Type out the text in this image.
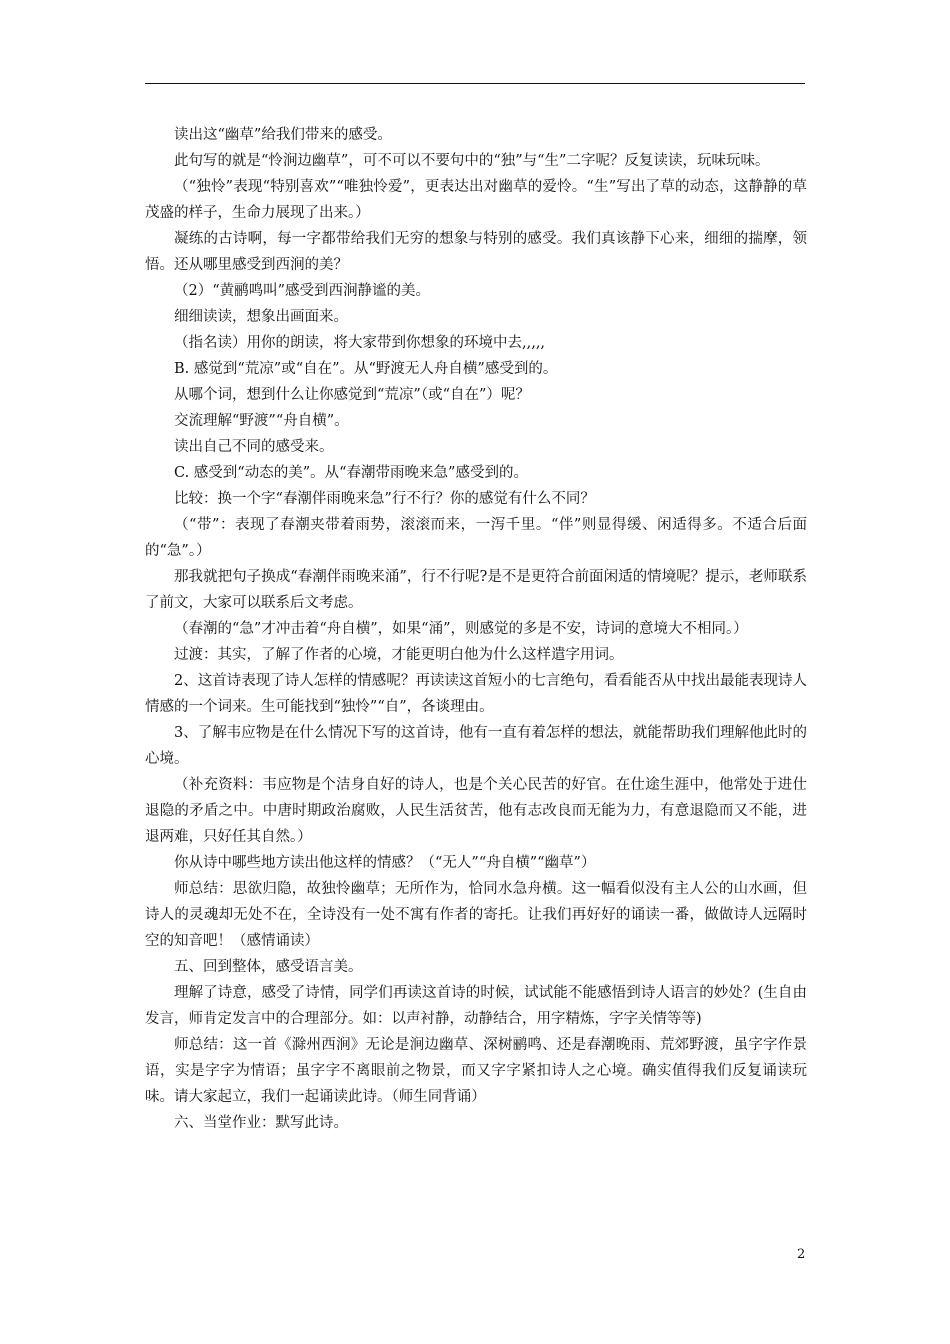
读出这“幽草”给我们带来的感受。

此句写的就是“怜涧边幽草”，可不可以不要句中的“独”与“生”二字呢？反复读读，玩味玩味。

（“独怜”表现“特别喜欢”“唯独怜爱”，更表达出对幽草的爱怜。“生”写出了草的动态，这静静的草茂盛的样子，生命力展现了出来。）

凝练的古诗啊，每一字都带给我们无穷的想象与特别的感受。我们真该静下心来，细细的揣摩，领悟。还从哪里感受到西涧的美？

（2）“黄鹂鸣叫”感受到西涧静谧的美。

细细读读，想象出画面来。

（指名读）用你的朗读，将大家带到你想象的环境中去,,,,,

B. 感觉到“荒凉”或“自在”。从“野渡无人舟自横”感受到的。

从哪个词，想到什么让你感觉到“荒凉”（或“自在”）呢？

交流理解“野渡”“舟自横”。

读出自己不同的感受来。

C. 感受到“动态的美”。从“春潮带雨晚来急”感受到的。

比较：换一个字“春潮伴雨晚来急”行不行？你的感觉有什么不同？

（“带”：表现了春潮夹带着雨势，滚滚而来，一泻千里。“伴”则显得缓、闲适得多。不适合后面的“急”。）

那我就把句子换成“春潮伴雨晚来涌”，行不行呢?是不是更符合前面闲适的情境呢？提示，老师联系了前文，大家可以联系后文考虑。

（春潮的“急”才冲击着“舟自横”，如果“涌”，则感觉的多是不安，诗词的意境大不相同。）

过渡：其实，了解了作者的心境，才能更明白他为什么这样遣字用词。

2、这首诗表现了诗人怎样的情感呢？再读读这首短小的七言绝句，看看能否从中找出最能表现诗人情感的一个词来。生可能找到“独怜”“自”，各谈理由。

3、了解韦应物是在什么情况下写的这首诗，他有一直有着怎样的想法，就能帮助我们理解他此时的心境。

（补充资料：韦应物是个洁身自好的诗人，也是个关心民苦的好官。在仕途生涯中，他常处于进仕退隐的矛盾之中。中唐时期政治腐败，人民生活贫苦，他有志改良而无能为力，有意退隐而又不能，进退两难，只好任其自然。）

你从诗中哪些地方读出他这样的情感？（“无人”“舟自横”“幽草”）

师总结：思欲归隐，故独怜幽草；无所作为，恰同水急舟横。这一幅看似没有主人公的山水画，但诗人的灵魂却无处不在，全诗没有一处不寓有作者的寄托。让我们再好好的诵读一番，做做诗人远隔时空的知音吧！（感情诵读）

五、回到整体，感受语言美。

理解了诗意，感受了诗情，同学们再读这首诗的时候，试试能不能感悟到诗人语言的妙处？(生自由发言，师肯定发言中的合理部分。如：以声衬静，动静结合，用字精炼，字字关情等等)

师总结：这一首《滁州西涧》无论是涧边幽草、深树鹂鸣、还是春潮晚雨、荒郊野渡，虽字字作景语，实是字字为情语；虽字字不离眼前之物景，而又字字紧扣诗人之心境。确实值得我们反复诵读玩味。请大家起立，我们一起诵读此诗。（师生同背诵）

六、当堂作业：默写此诗。

2
